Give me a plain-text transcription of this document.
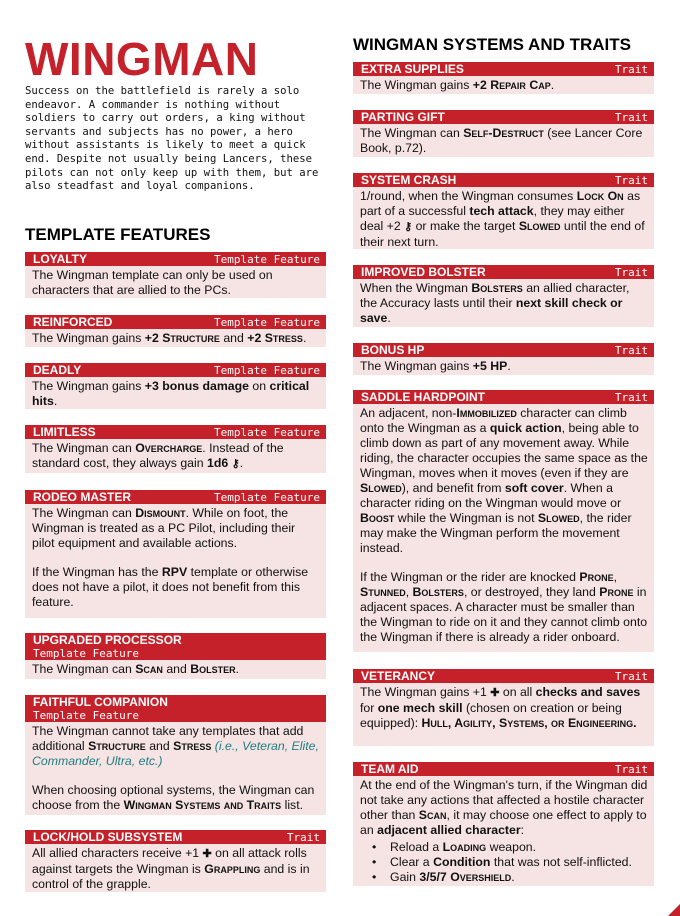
WINGMAN
Success on the battlefield is rarely a solo endeavor. A commander is nothing without soldiers to carry out orders, a king without servants and subjects has no power, a hero without assistants is likely to meet a quick end. Despite not usually being Lancers, these pilots can not only keep up with them, but are also steadfast and loyal companions.
TEMPLATE FEATURES
WINGMAN SYSTEMS AND TRAITS
LOYALTY	Template Feature
The Wingman template can only be used on characters that are allied to the PCs.
REINFORCED	Template Feature
The Wingman gains +2 Structure and +2 Stress.
DEADLY	Template Feature
The Wingman gains +3 bonus damage on critical hits.
LIMITLESS	Template Feature
The Wingman can Overcharge. Instead of the standard cost, they always gain 1d6 ⚷.
RODEO MASTER	Template Feature

The Wingman can Dismount. While on foot, the Wingman is treated as a PC Pilot, including their pilot equipment and available actions.

If the Wingman has the RPV template or otherwise does not have a pilot, it does not benefit from this feature.

UPGRADED PROCESSOR
Template Feature
The Wingman can Scan and Bolster.
FAITHFUL COMPANION
Template Feature

The Wingman cannot take any templates that add additional Structure and Stress (i.e., Veteran, Elite, Commander, Ultra, etc.)

When choosing optional systems, the Wingman can choose from the Wingman Systems and Traits list.

LOCK/HOLD SUBSYSTEM	Trait
All allied characters receive +1 ✚ on all attack rolls against targets the Wingman is Grappling and is in control of the grapple.
EXTRA SUPPLIES	Trait
The Wingman gains +2 Repair Cap.
PARTING GIFT	Trait
The Wingman can Self-Destruct (see Lancer Core Book, p.72).
SYSTEM CRASH	Trait
1/round, when the Wingman consumes Lock On as part of a successful tech attack, they may either deal +2 ⚷ or make the target Slowed until the end of their next turn.
IMPROVED BOLSTER	Trait
When the Wingman Bolsters an allied character, the Accuracy lasts until their next skill check or save.
BONUS HP	Trait
The Wingman gains +5 HP.
SADDLE HARDPOINT	Trait

An adjacent, non-Immobilized character can climb onto the Wingman as a quick action, being able to climb down as part of any movement away. While riding, the character occupies the same space as the Wingman, moves when it moves (even if they are Slowed), and benefit from soft cover. When a character riding on the Wingman would move or Boost while the Wingman is not Slowed, the rider may make the Wingman perform the movement instead.

If the Wingman or the rider are knocked Prone, Stunned, Bolsters, or destroyed, they land Prone in adjacent spaces. A character must be smaller than the Wingman to ride on it and they cannot climb onto the Wingman if there is already a rider onboard.

VETERANCY	Trait
The Wingman gains +1 ✚ on all checks and saves for one mech skill (chosen on creation or being equipped): Hull, Agility, Systems, or Engineering.
TEAM AID	Trait
At the end of the Wingman's turn, if the Wingman did not take any actions that affected a hostile character other than Scan, it may choose one effect to apply to an adjacent allied character:
• Reload a Loading weapon.
• Clear a Condition that was not self-inflicted.
• Gain 3/5/7 Overshield.
